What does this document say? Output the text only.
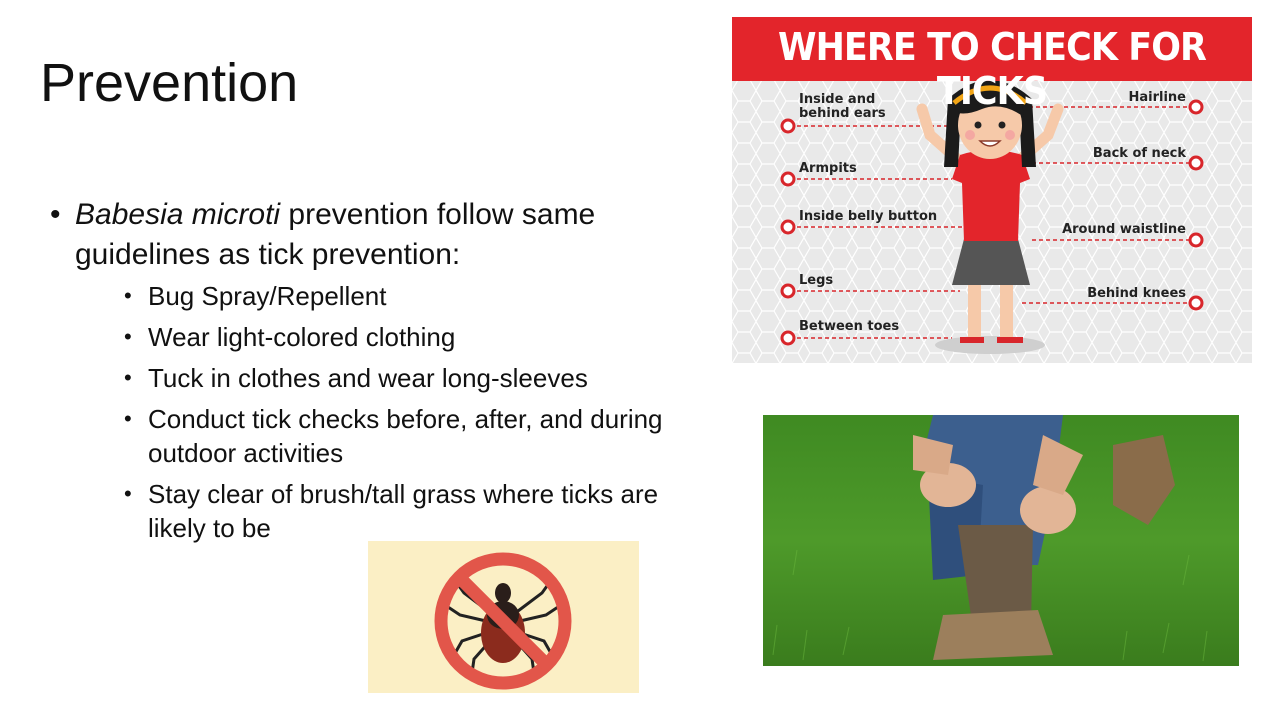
Prevention
• Babesia microti prevention follow same
guidelines as tick prevention:
• Bug Spray/Repellent
• Wear light-colored clothing
• Tuck in clothes and wear long-sleeves
• Conduct tick checks before, after, and during outdoor activities
• Stay clear of brush/tall grass where ticks are likely to be
WHERE TO CHECK FOR TICKS
Inside and behind ears
Armpits
Inside belly button
Legs
Between toes
Hairline
Back of neck
Around waistline
Behind knees
